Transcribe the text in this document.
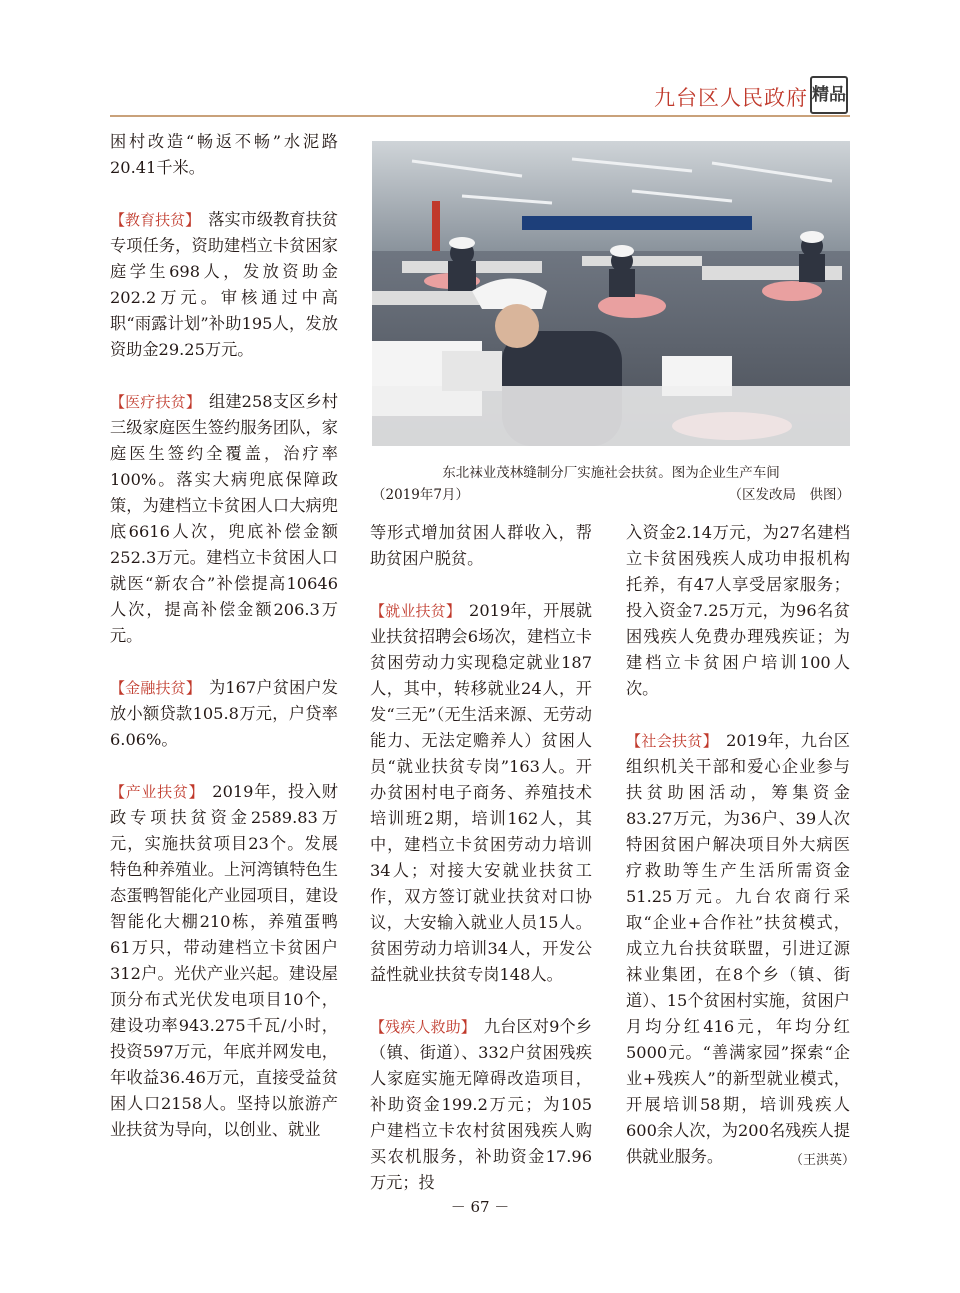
九台区人民政府 精品

困村改造“畅返不畅”水泥路20.41千米。

【教育扶贫】 落实市级教育扶贫专项任务，资助建档立卡贫困家庭学生698人，发放资助金202.2万元。审核通过中高职“雨露计划”补助195人，发放资助金29.25万元。

【医疗扶贫】 组建258支区乡村三级家庭医生签约服务团队，家庭医生签约全覆盖，治疗率100%。落实大病兜底保障政策，为建档立卡贫困人口大病兜底6616人次，兜底补偿金额252.3万元。建档立卡贫困人口就医“新农合”补偿提高10646人次，提高补偿金额206.3万元。

【金融扶贫】 为167户贫困户发放小额贷款105.8万元，户贷率6.06%。

【产业扶贫】 2019年，投入财政专项扶贫资金2589.83万元，实施扶贫项目23个。发展特色种养殖业。上河湾镇特色生态蛋鸭智能化产业园项目，建设智能化大棚210栋，养殖蛋鸭61万只，带动建档立卡贫困户312户。光伏产业兴起。建设屋顶分布式光伏发电项目10个，建设功率943.275千瓦/小时，投资597万元，年底并网发电，年收益36.46万元，直接受益贫困人口2158人。坚持以旅游产业扶贫为导向，以创业、就业

东北袜业茂林缝制分厂实施社会扶贫。图为企业生产车间
（2019年7月）	（区发改局　供图）

等形式增加贫困人群收入，帮助贫困户脱贫。

【就业扶贫】 2019年，开展就业扶贫招聘会6场次，建档立卡贫困劳动力实现稳定就业187人，其中，转移就业24人，开发“三无”（无生活来源、无劳动能力、无法定赡养人）贫困人员“就业扶贫专岗”163人。开办贫困村电子商务、养殖技术培训班2期，培训162人，其中，建档立卡贫困劳动力培训34人；对接大安就业扶贫工作，双方签订就业扶贫对口协议，大安输入就业人员15人。贫困劳动力培训34人，开发公益性就业扶贫专岗148人。

【残疾人救助】 九台区对9个乡（镇、街道）、332户贫困残疾人家庭实施无障碍改造项目，补助资金199.2万元；为105户建档立卡农村贫困残疾人购买农机服务，补助资金17.96万元；投

入资金2.14万元，为27名建档立卡贫困残疾人成功申报机构托养，有47人享受居家服务；投入资金7.25万元，为96名贫困残疾人免费办理残疾证；为建档立卡贫困户培训100人次。

【社会扶贫】 2019年，九台区组织机关干部和爱心企业参与扶贫助困活动，筹集资金83.27万元，为36户、39人次特困贫困户解决项目外大病医疗救助等生产生活所需资金51.25万元。九台农商行采取“企业+合作社”扶贫模式，成立九台扶贫联盟，引进辽源袜业集团，在8个乡（镇、街道）、15个贫困村实施，贫困户月均分红416元，年均分红5000元。“善满家园”探索“企业+残疾人”的新型就业模式，开展培训58期，培训残疾人600余人次，为200名残疾人提供就业服务。	（王洪英）
－ 67 －
